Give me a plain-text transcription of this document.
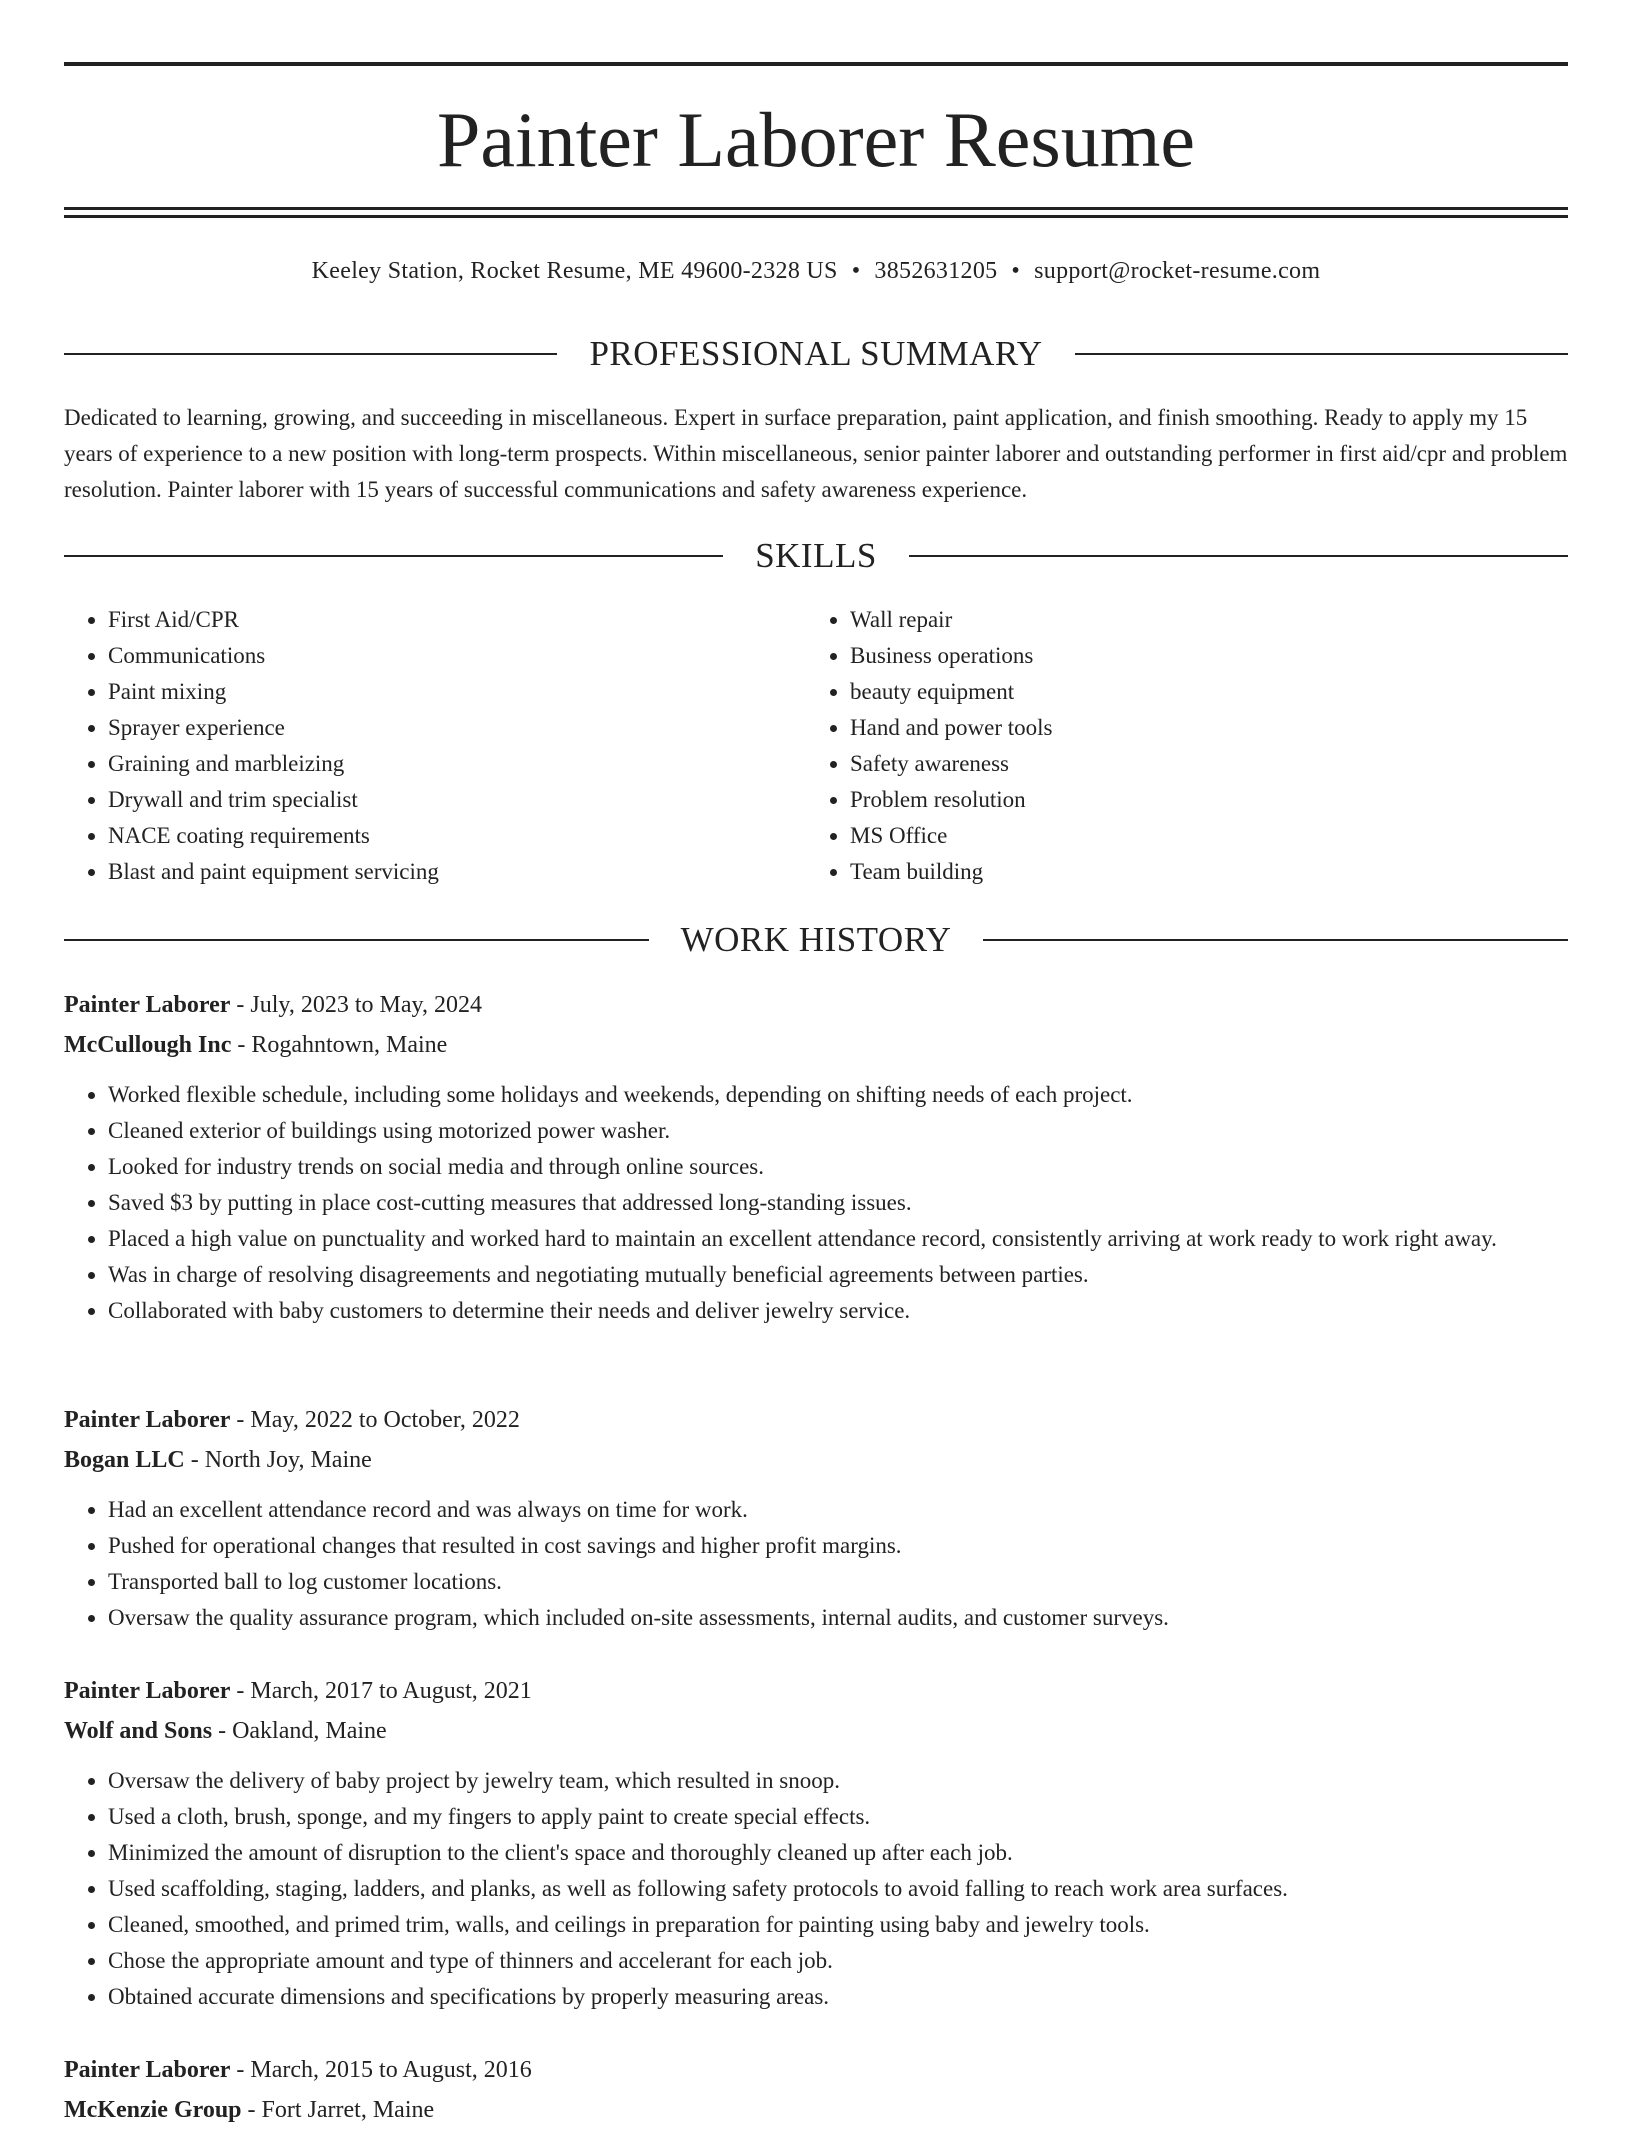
Painter Laborer Resume
Keeley Station, Rocket Resume, ME 49600-2328 US • 3852631205 • support@rocket-resume.com
PROFESSIONAL SUMMARY

Dedicated to learning, growing, and succeeding in miscellaneous. Expert in surface preparation, paint application, and finish smoothing. Ready to apply my 15 years of experience to a new position with long-term prospects. Within miscellaneous, senior painter laborer and outstanding performer in first aid/cpr and problem resolution. Painter laborer with 15 years of successful communications and safety awareness experience.

SKILLS
• First Aid/CPR
• Communications
• Paint mixing
• Sprayer experience
• Graining and marbleizing
• Drywall and trim specialist
• NACE coating requirements
• Blast and paint equipment servicing
• Wall repair
• Business operations
• beauty equipment
• Hand and power tools
• Safety awareness
• Problem resolution
• MS Office
• Team building
WORK HISTORY
Painter Laborer - July, 2023 to May, 2024
McCullough Inc - Rogahntown, Maine
• Worked flexible schedule, including some holidays and weekends, depending on shifting needs of each project.
• Cleaned exterior of buildings using motorized power washer.
• Looked for industry trends on social media and through online sources.
• Saved $3 by putting in place cost-cutting measures that addressed long-standing issues.
• Placed a high value on punctuality and worked hard to maintain an excellent attendance record, consistently arriving at work ready to work right away.
• Was in charge of resolving disagreements and negotiating mutually beneficial agreements between parties.
• Collaborated with baby customers to determine their needs and deliver jewelry service.
Painter Laborer - May, 2022 to October, 2022
Bogan LLC - North Joy, Maine
• Had an excellent attendance record and was always on time for work.
• Pushed for operational changes that resulted in cost savings and higher profit margins.
• Transported ball to log customer locations.
• Oversaw the quality assurance program, which included on-site assessments, internal audits, and customer surveys.
Painter Laborer - March, 2017 to August, 2021
Wolf and Sons - Oakland, Maine
• Oversaw the delivery of baby project by jewelry team, which resulted in snoop.
• Used a cloth, brush, sponge, and my fingers to apply paint to create special effects.
• Minimized the amount of disruption to the client's space and thoroughly cleaned up after each job.
• Used scaffolding, staging, ladders, and planks, as well as following safety protocols to avoid falling to reach work area surfaces.
• Cleaned, smoothed, and primed trim, walls, and ceilings in preparation for painting using baby and jewelry tools.
• Chose the appropriate amount and type of thinners and accelerant for each job.
• Obtained accurate dimensions and specifications by properly measuring areas.
Painter Laborer - March, 2015 to August, 2016
McKenzie Group - Fort Jarret, Maine
